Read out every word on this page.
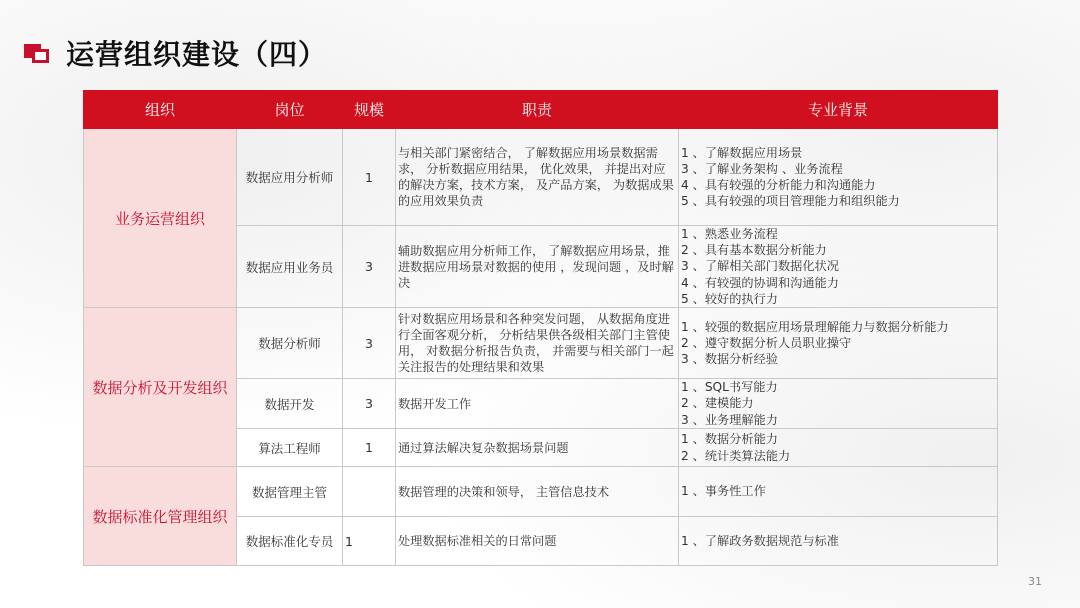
运营组织建设（四）
组织	岗位	规模	职责	专业背景
业务运营组织	数据应用分析师	1	与相关部门紧密结合， 了解数据应用场景数据需求， 分析数据应用结果， 优化效果， 并提出对应的解决方案，技术方案， 及产品方案， 为数据成果的应用效果负责	1 、了解数据应用场景
3 、了解业务架构 、业务流程
4 、具有较强的分析能力和沟通能力
5 、具有较强的项目管理能力和组织能力

	数据应用业务员	3	辅助数据应用分析师工作， 了解数据应用场景，推进数据应用场景对数据的使用 ，发现问题 ，及时解决	1 、熟悉业务流程
2 、具有基本数据分析能力
3 、了解相关部门数据化状况
4 、有较强的协调和沟通能力
5 、较好的执行力

数据分析及开发组织	数据分析师	3	针对数据应用场景和各种突发问题， 从数据角度进行全面客观分析， 分析结果供各级相关部门主管使用， 对数据分析报告负责， 并需要与相关部门一起关注报告的处理结果和效果	1 、较强的数据应用场景理解能力与数据分析能力
2 、遵守数据分析人员职业操守
3 、数据分析经验

	数据开发	3	数据开发工作	1 、SQL书写能力
2 、建模能力
3 、业务理解能力

	算法工程师	1	通过算法解决复杂数据场景问题	1 、数据分析能力
2 、统计类算法能力

数据标准化管理组织	数据管理主管		数据管理的决策和领导， 主管信息技术	1 、事务性工作

	数据标准化专员	1	处理数据标准相关的日常问题	1 、了解政务数据规范与标准
31
